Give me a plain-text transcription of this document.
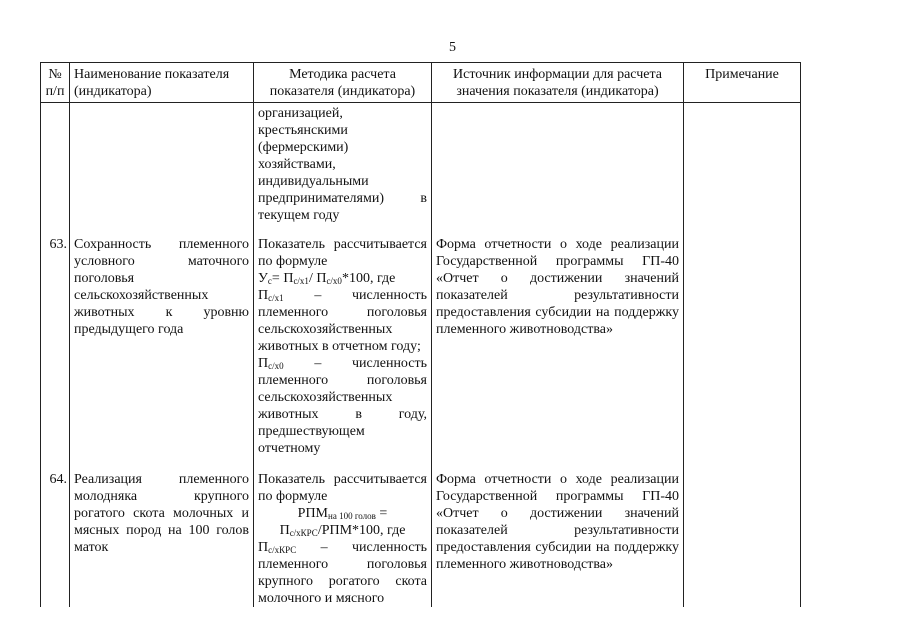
5
№ п/п	Наименование показателя (индикатора)	Методика расчета показателя (индикатора)	Источник информации для расчета значения показателя (индикатора)	Примечание
		организацией, крестьянскими (фермерскими) хозяйствами, индивидуальными предпринимателями) в текущем году		

63.	Сохранность племенного условного маточного поголовья сельскохозяйственных животных к уровню предыдущего года	Показатель рассчитывается по формуле
$У_с= П_{с/х1}/$ $П_{с/х0}*100$, где
$П_{с/х1}$ – численность племенного поголовья сельскохозяйственных животных в отчетном году;
$П_{с/х0}$ – численность племенного поголовья сельскохозяйственных животных в году, предшествующем отчетному	Форма отчетности о ходе реализации Государственной программы ГП-40 «Отчет о достижении значений показателей результативности предоставления субсидии на поддержку племенного животноводства»	

64.	Реализация племенного молодняка крупного рогатого скота молочных и мясных пород на 100 голов маток	Показатель рассчитывается по формуле
$РПМ_{на 100 голов}$ =
$П_{с/хКРС}/РПМ*100$, где
$П_{с/хКРС}$ – численность племенного поголовья крупного рогатого скота молочного и мясного	Форма отчетности о ходе реализации Государственной программы ГП-40 «Отчет о достижении значений показателей результативности предоставления субсидии на поддержку племенного животноводства»	
